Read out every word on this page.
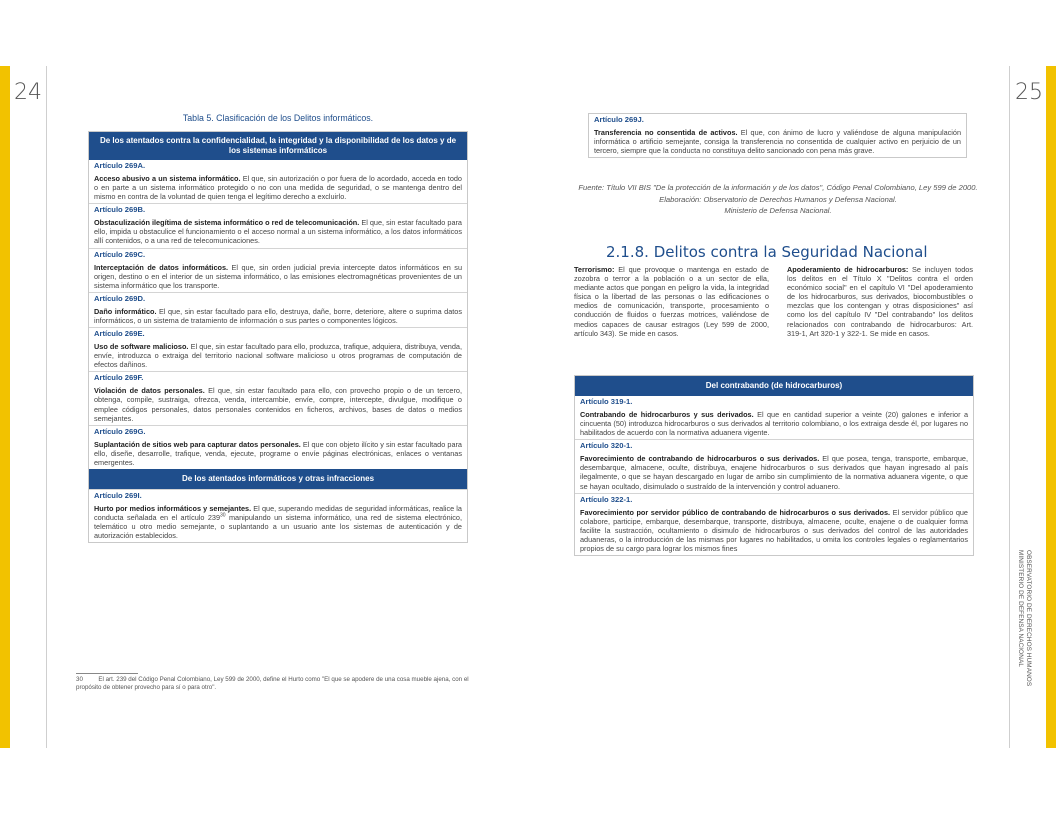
24	25
OBSERVATORIO DE DERECHOS HUMANOS
MINISTERIO DE DEFENSA NACIONAL
Tabla 5. Clasificación de los Delitos informáticos.
De los atentados contra la confidencialidad, la integridad y la disponibilidad de los datos y de los sistemas informáticos
Artículo 269A.
Acceso abusivo a un sistema informático. El que, sin autorización o por fuera de lo acordado, acceda en todo o en parte a un sistema informático protegido o no con una medida de seguridad, o se mantenga dentro del mismo en contra de la voluntad de quien tenga el legítimo derecho a excluirlo.
Artículo 269B.
Obstaculización ilegítima de sistema informático o red de telecomunicación. El que, sin estar facultado para ello, impida u obstaculice el funcionamiento o el acceso normal a un sistema informático, a los datos informáticos allí contenidos, o a una red de telecomunicaciones.
Artículo 269C.
Interceptación de datos informáticos. El que, sin orden judicial previa intercepte datos informáticos en su origen, destino o en el interior de un sistema informático, o las emisiones electromagnéticas provenientes de un sistema informático que los transporte.
Artículo 269D.
Daño informático. El que, sin estar facultado para ello, destruya, dañe, borre, deteriore, altere o suprima datos informáticos, o un sistema de tratamiento de información o sus partes o componentes lógicos.
Artículo 269E.
Uso de software malicioso. El que, sin estar facultado para ello, produzca, trafique, adquiera, distribuya, venda, envíe, introduzca o extraiga del territorio nacional software malicioso u otros programas de computación de efectos dañinos.
Artículo 269F.
Violación de datos personales. El que, sin estar facultado para ello, con provecho propio o de un tercero, obtenga, compile, sustraiga, ofrezca, venda, intercambie, envíe, compre, intercepte, divulgue, modifique o emplee códigos personales, datos personales contenidos en ficheros, archivos, bases de datos o medios semejantes.
Artículo 269G.
Suplantación de sitios web para capturar datos personales. El que con objeto ilícito y sin estar facultado para ello, diseñe, desarrolle, trafique, venda, ejecute, programe o envíe páginas electrónicas, enlaces o ventanas emergentes.
De los atentados informáticos y otras infracciones
Artículo 269I.
Hurto por medios informáticos y semejantes. El que, superando medidas de seguridad informáticas, realice la conducta señalada en el artículo $239^{30}$ manipulando un sistema informático, una red de sistema electrónico, telemático u otro medio semejante, o suplantando a un usuario ante los sistemas de autenticación y de autorización establecidos.
30 El art. 239 del Código Penal Colombiano, Ley 599 de 2000, define el Hurto como "El que se apodere de una cosa mueble ajena, con el propósito de obtener provecho para sí o para otro".
Artículo 269J.
Transferencia no consentida de activos. El que, con ánimo de lucro y valiéndose de alguna manipulación informática o artificio semejante, consiga la transferencia no consentida de cualquier activo en perjuicio de un tercero, siempre que la conducta no constituya delito sancionado con pena más grave.
Fuente: Título VII BIS "De la protección de la información y de los datos", Código Penal Colombiano, Ley 599 de 2000.
Elaboración: Observatorio de Derechos Humanos y Defensa Nacional.
Ministerio de Defensa Nacional.
2.1.8. Delitos contra la Seguridad Nacional
Terrorismo: El que provoque o mantenga en estado de zozobra o terror a la población o a un sector de ella, mediante actos que pongan en peligro la vida, la integridad física o la libertad de las personas o las edificaciones o medios de comunicación, transporte, procesamiento o conducción de fluidos o fuerzas motrices, valiéndose de medios capaces de causar estragos (Ley 599 de 2000, artículo 343). Se mide en casos.
Apoderamiento de hidrocarburos: Se incluyen todos los delitos en el Título X "Delitos contra el orden económico social" en el capítulo VI "Del apoderamiento de los hidrocarburos, sus derivados, biocombustibles o mezclas que los contengan y otras disposiciones" así como los del capítulo IV "Del contrabando" los delitos relacionados con contrabando de hidrocarburos: Art. 319-1, Art 320-1 y 322-1. Se mide en casos.
Del contrabando (de hidrocarburos)
Artículo 319-1.
Contrabando de hidrocarburos y sus derivados. El que en cantidad superior a veinte (20) galones e inferior a cincuenta (50) introduzca hidrocarburos o sus derivados al territorio colombiano, o los extraiga desde él, por lugares no habilitados de acuerdo con la normativa aduanera vigente.
Artículo 320-1.
Favorecimiento de contrabando de hidrocarburos o sus derivados. El que posea, tenga, transporte, embarque, desembarque, almacene, oculte, distribuya, enajene hidrocarburos o sus derivados que hayan ingresado al país ilegalmente, o que se hayan descargado en lugar de arribo sin cumplimiento de la normativa aduanera vigente, o que se hayan ocultado, disimulado o sustraído de la intervención y control aduanero.
Artículo 322-1.
Favorecimiento por servidor público de contrabando de hidrocarburos o sus derivados. El servidor público que colabore, participe, embarque, desembarque, transporte, distribuya, almacene, oculte, enajene o de cualquier forma facilite la sustracción, ocultamiento o disimulo de hidrocarburos o sus derivados del control de las autoridades aduaneras, o la introducción de las mismas por lugares no habilitados, u omita los controles legales o reglamentarios propios de su cargo para lograr los mismos fines
